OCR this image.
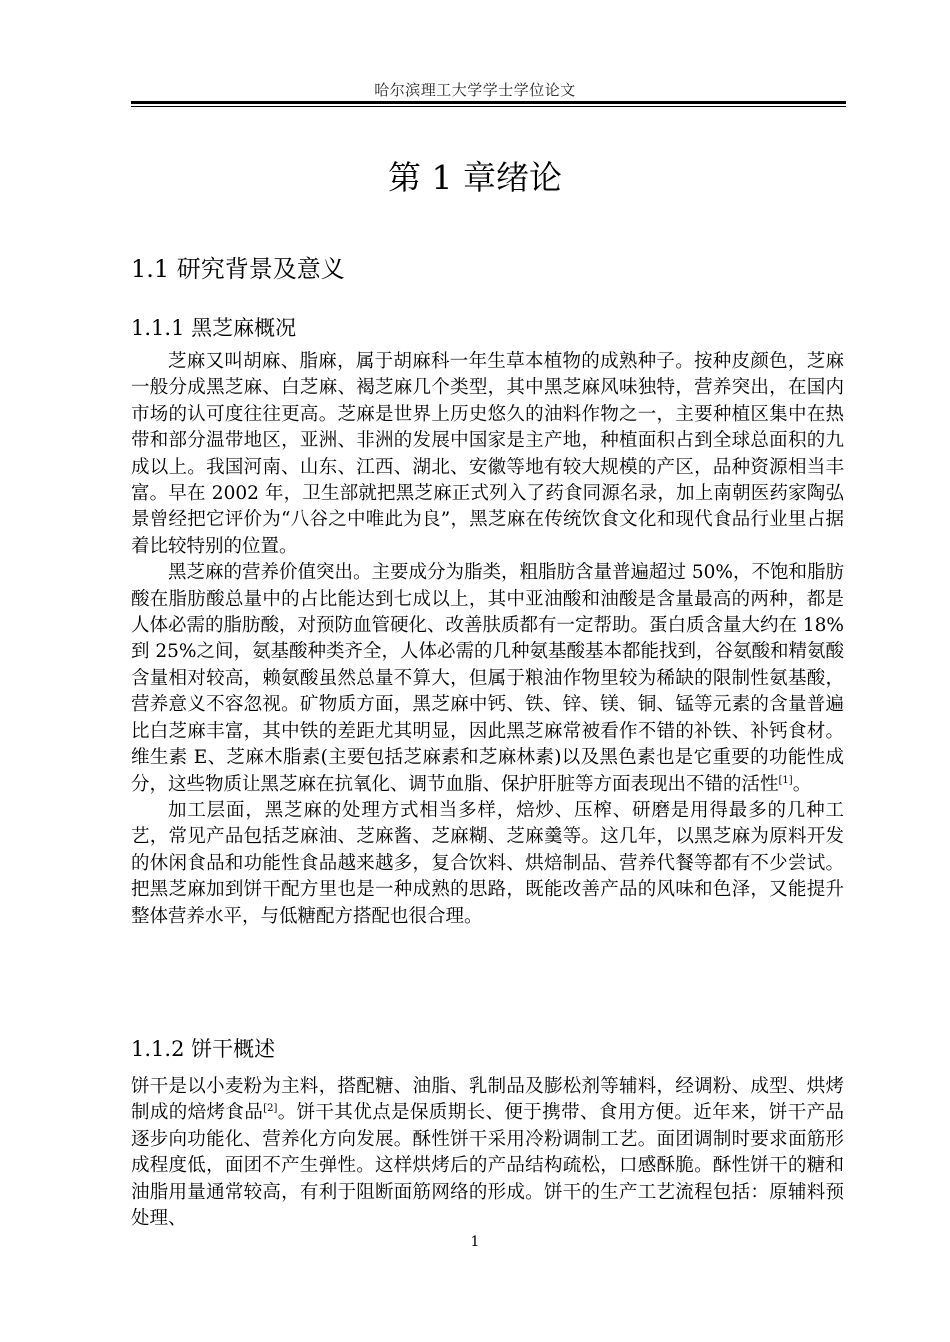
哈尔滨理工大学学士学位论文
第 1 章绪论
1.1 研究背景及意义
1.1.1 黑芝麻概况

芝麻又叫胡麻、脂麻，属于胡麻科一年生草本植物的成熟种子。按种皮颜色，芝麻一般分成黑芝麻、白芝麻、褐芝麻几个类型，其中黑芝麻风味独特，营养突出，在国内市场的认可度往往更高。芝麻是世界上历史悠久的油料作物之一，主要种植区集中在热带和部分温带地区，亚洲、非洲的发展中国家是主产地，种植面积占到全球总面积的九成以上。我国河南、山东、江西、湖北、安徽等地有较大规模的产区，品种资源相当丰富。早在 2002 年，卫生部就把黑芝麻正式列入了药食同源名录，加上南朝医药家陶弘景曾经把它评价为“八谷之中唯此为良”，黑芝麻在传统饮食文化和现代食品行业里占据着比较特别的位置。

黑芝麻的营养价值突出。主要成分为脂类，粗脂肪含量普遍超过 50%，不饱和脂肪酸在脂肪酸总量中的占比能达到七成以上，其中亚油酸和油酸是含量最高的两种，都是人体必需的脂肪酸，对预防血管硬化、改善肤质都有一定帮助。蛋白质含量大约在 18%到 25%之间，氨基酸种类齐全，人体必需的几种氨基酸基本都能找到，谷氨酸和精氨酸含量相对较高，赖氨酸虽然总量不算大，但属于粮油作物里较为稀缺的限制性氨基酸，营养意义不容忽视。矿物质方面，黑芝麻中钙、铁、锌、镁、铜、锰等元素的含量普遍比白芝麻丰富，其中铁的差距尤其明显，因此黑芝麻常被看作不错的补铁、补钙食材。维生素 E、芝麻木脂素(主要包括芝麻素和芝麻林素)以及黑色素也是它重要的功能性成分，这些物质让黑芝麻在抗氧化、调节血脂、保护肝脏等方面表现出不错的活性[1]。

加工层面，黑芝麻的处理方式相当多样，焙炒、压榨、研磨是用得最多的几种工艺，常见产品包括芝麻油、芝麻酱、芝麻糊、芝麻羹等。这几年，以黑芝麻为原料开发的休闲食品和功能性食品越来越多，复合饮料、烘焙制品、营养代餐等都有不少尝试。把黑芝麻加到饼干配方里也是一种成熟的思路，既能改善产品的风味和色泽，又能提升整体营养水平，与低糖配方搭配也很合理。

1.1.2 饼干概述

饼干是以小麦粉为主料，搭配糖、油脂、乳制品及膨松剂等辅料，经调粉、成型、烘烤制成的焙烤食品[2]。饼干其优点是保质期长、便于携带、食用方便。近年来，饼干产品逐步向功能化、营养化方向发展。酥性饼干采用冷粉调制工艺。面团调制时要求面筋形成程度低，面团不产生弹性。这样烘烤后的产品结构疏松，口感酥脆。酥性饼干的糖和油脂用量通常较高，有利于阻断面筋网络的形成。饼干的生产工艺流程包括：原辅料预处理、

1
